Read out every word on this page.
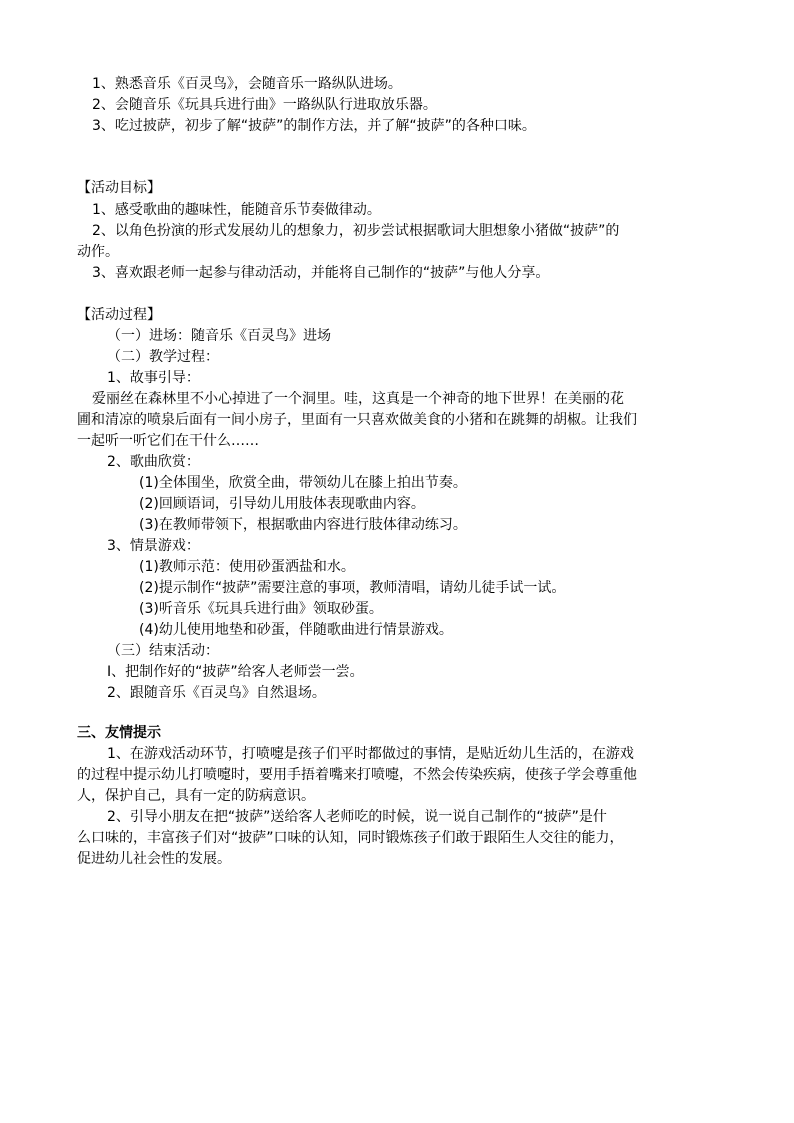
1、熟悉音乐《百灵鸟》，会随音乐一路纵队进场。
2、会随音乐《玩具兵进行曲》一路纵队行进取放乐器。
3、吃过披萨，初步了解“披萨”的制作方法，并了解“披萨”的各种口味。
【活动目标】
1、感受歌曲的趣味性，能随音乐节奏做律动。
2、以角色扮演的形式发展幼儿的想象力，初步尝试根据歌词大胆想象小猪做“披萨”的
动作。
3、喜欢跟老师一起参与律动活动，并能将自己制作的“披萨”与他人分享。
【活动过程】
（一）进场：随音乐《百灵鸟》进场
（二）教学过程：
1、故事引导：
爱丽丝在森林里不小心掉进了一个洞里。哇，这真是一个神奇的地下世界！在美丽的花
圃和清凉的喷泉后面有一间小房子，里面有一只喜欢做美食的小猪和在跳舞的胡椒。让我们
一起听一听它们在干什么……
2、歌曲欣赏：
(1)全体围坐，欣赏全曲，带领幼儿在膝上拍出节奏。
(2)回顾语词，引导幼儿用肢体表现歌曲内容。
(3)在教师带领下，根据歌曲内容进行肢体律动练习。
3、情景游戏：
(1)教师示范：使用砂蛋洒盐和水。
(2)提示制作“披萨”需要注意的事项，教师清唱，请幼儿徒手试一试。
(3)听音乐《玩具兵进行曲》领取砂蛋。
(4)幼儿使用地垫和砂蛋，伴随歌曲进行情景游戏。
（三）结束活动：
I、把制作好的“披萨”给客人老师尝一尝。
2、跟随音乐《百灵鸟》自然退场。
三、友情提示
1、在游戏活动环节，打喷嚏是孩子们平时都做过的事情，是贴近幼儿生活的，在游戏
的过程中提示幼儿打喷嚏时，要用手捂着嘴来打喷嚏，不然会传染疾病，使孩子学会尊重他
人，保护自己，具有一定的防病意识。
2、引导小朋友在把“披萨”送给客人老师吃的时候，说一说自己制作的“披萨”是什
么口味的，丰富孩子们对“披萨”口味的认知，同时锻炼孩子们敢于跟陌生人交往的能力，
促进幼儿社会性的发展。
